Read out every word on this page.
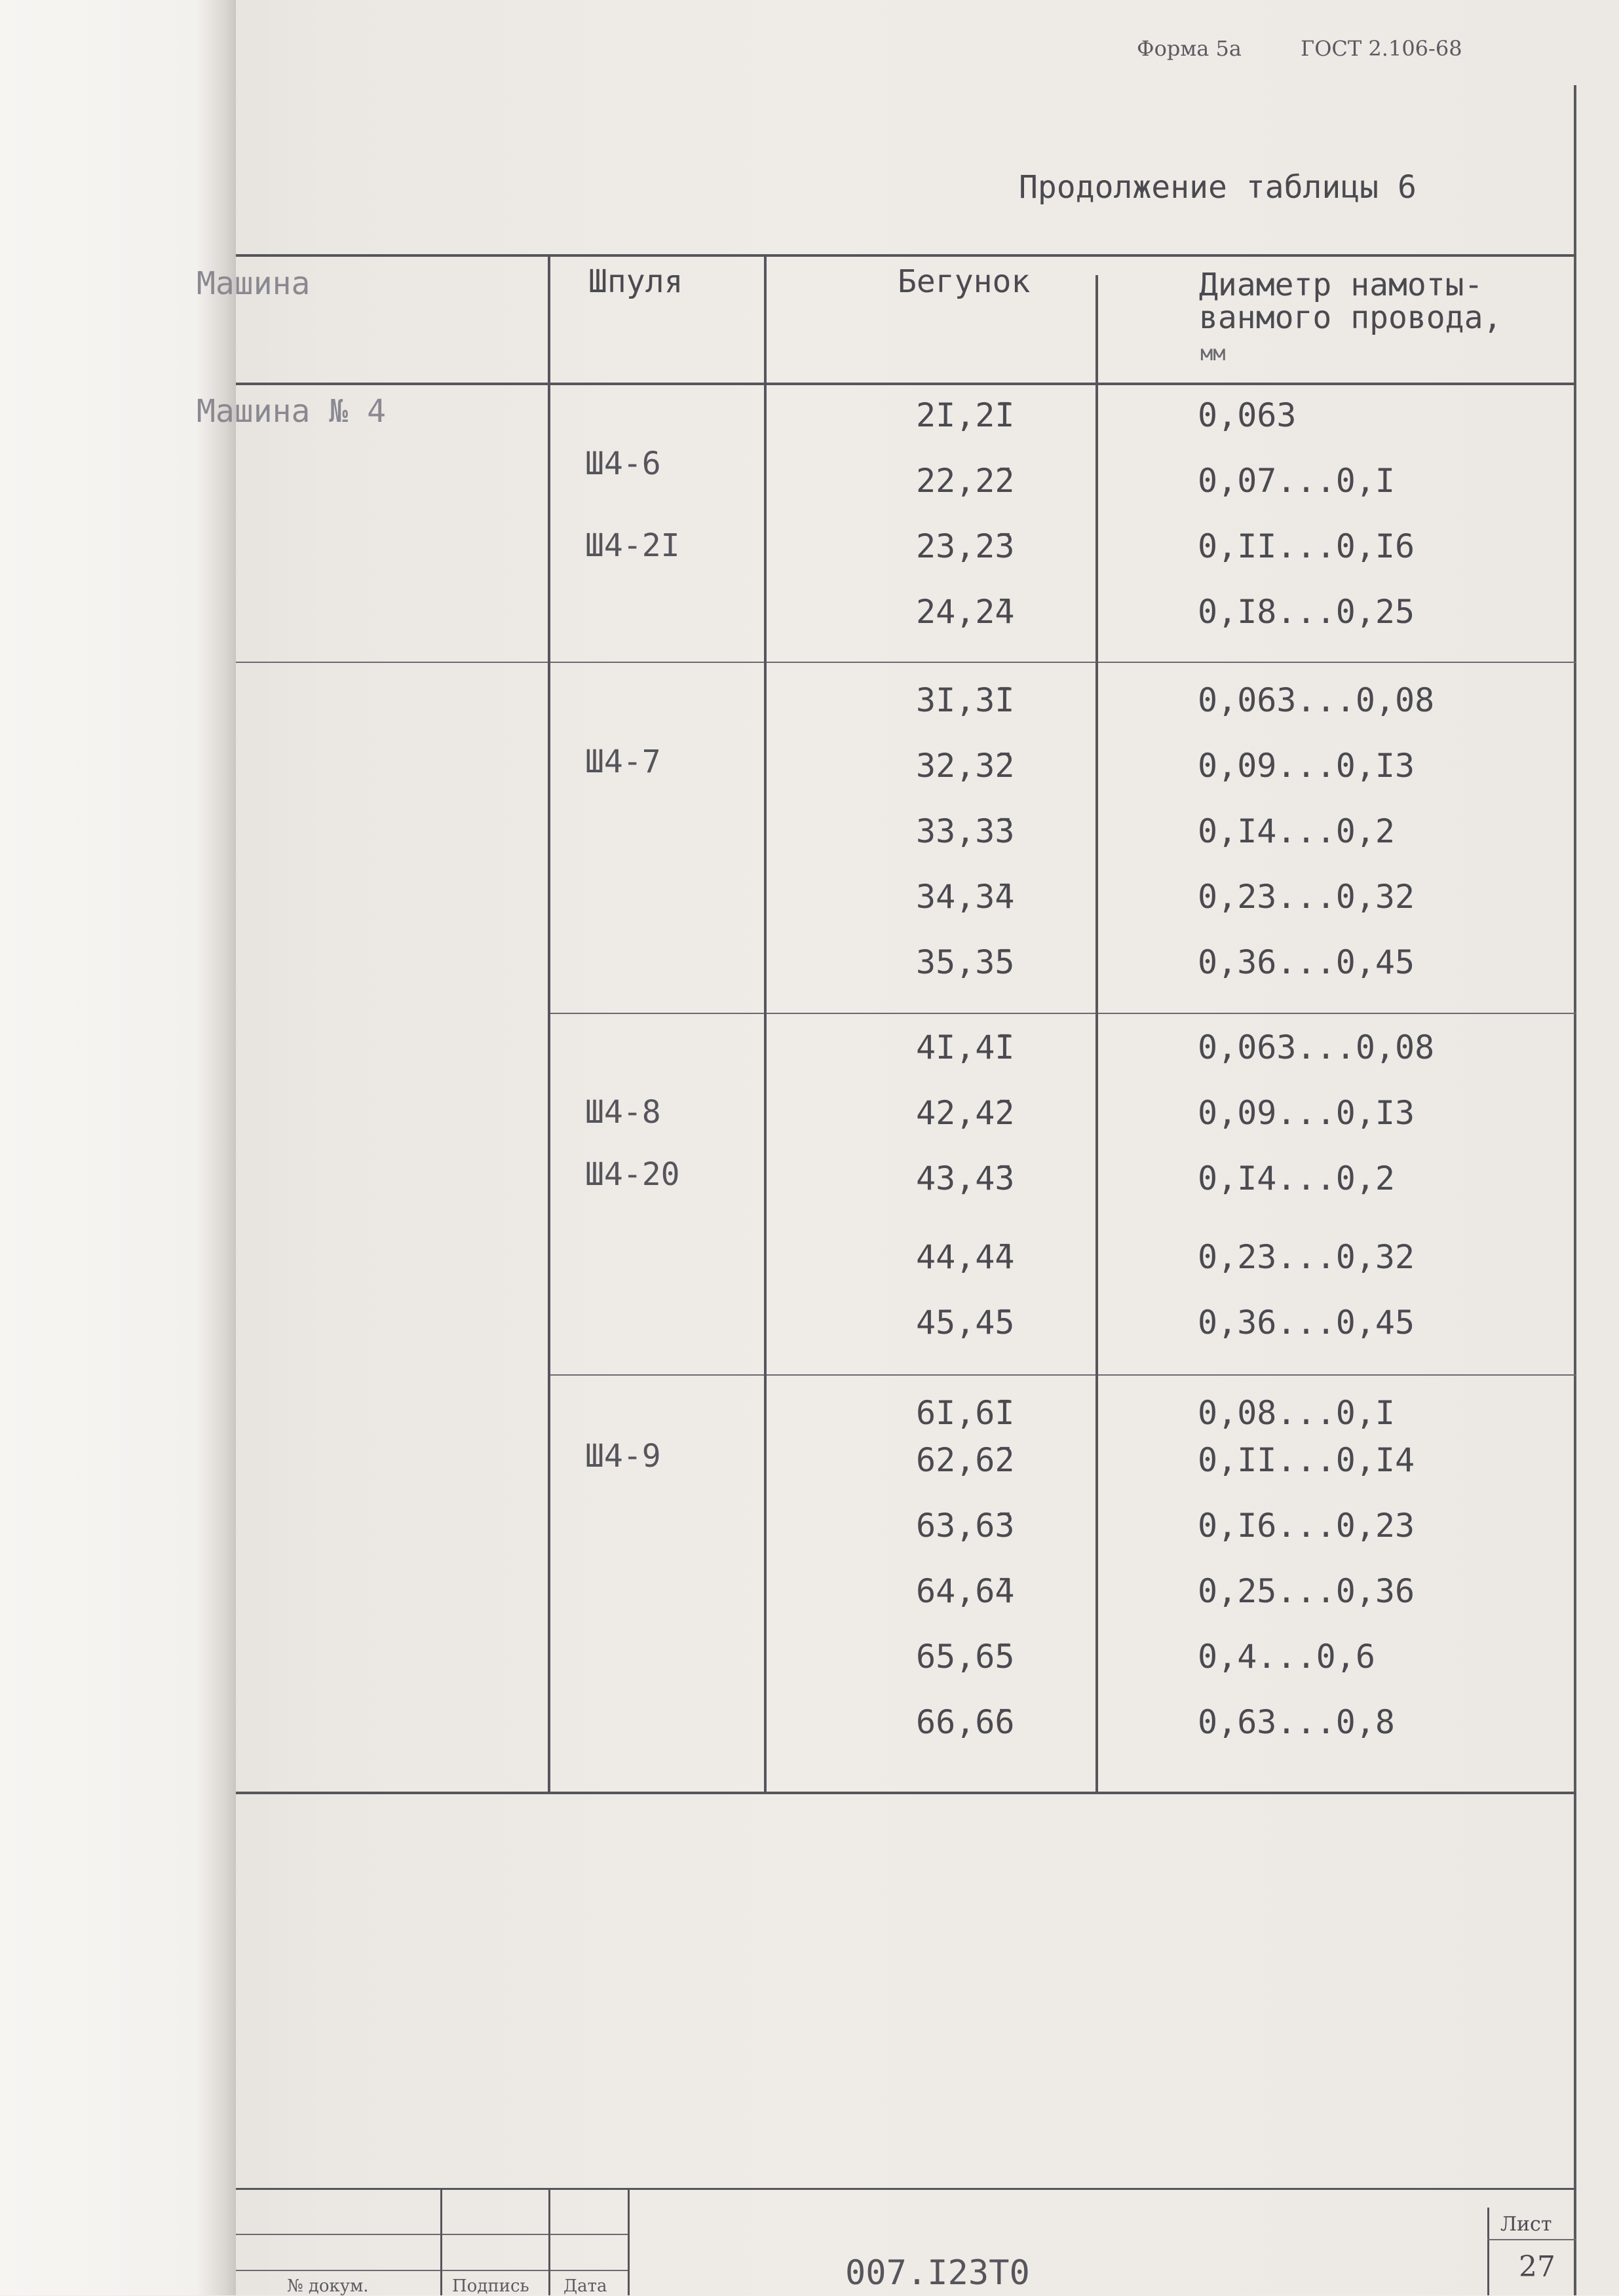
Форма 5а	ГОСТ 2.106-68
Продолжение таблицы 6
Машина	Шпуля	Бегунок	Диаметр намоты-
ванмого провода,
мм
Машина № 4
Ш4-6
Ш4-2I
2I,2̄I	0,063
22,2̄2	0,07...0,I
23,2̄3	0,II...0,I6
24,2̄4	0,I8...0,25
Ш4-7
3I,3̄I	0,063...0,08
32,3̄2	0,09...0,I3
33,3̄3	0,I4...0,2
34,3̄4	0,23...0,32
35,3̄5	0,36...0,45
Ш4-8
Ш4-20
4I,4̄I	0,063...0,08
42,4̄2	0,09...0,I3
43,4̄3	0,I4...0,2
44,4̄4	0,23...0,32
45,4̄5	0,36...0,45
Ш4-9
6I,6̄I	0,08...0,I
62,6̄2	0,II...0,I4
63,6̄3	0,I6...0,23
64,6̄4	0,25...0,36
65,6̄5	0,4...0,6
66,6̄6	0,63...0,8
№ докум.	Подпись Дата	007.I23Т0
Лист
27
